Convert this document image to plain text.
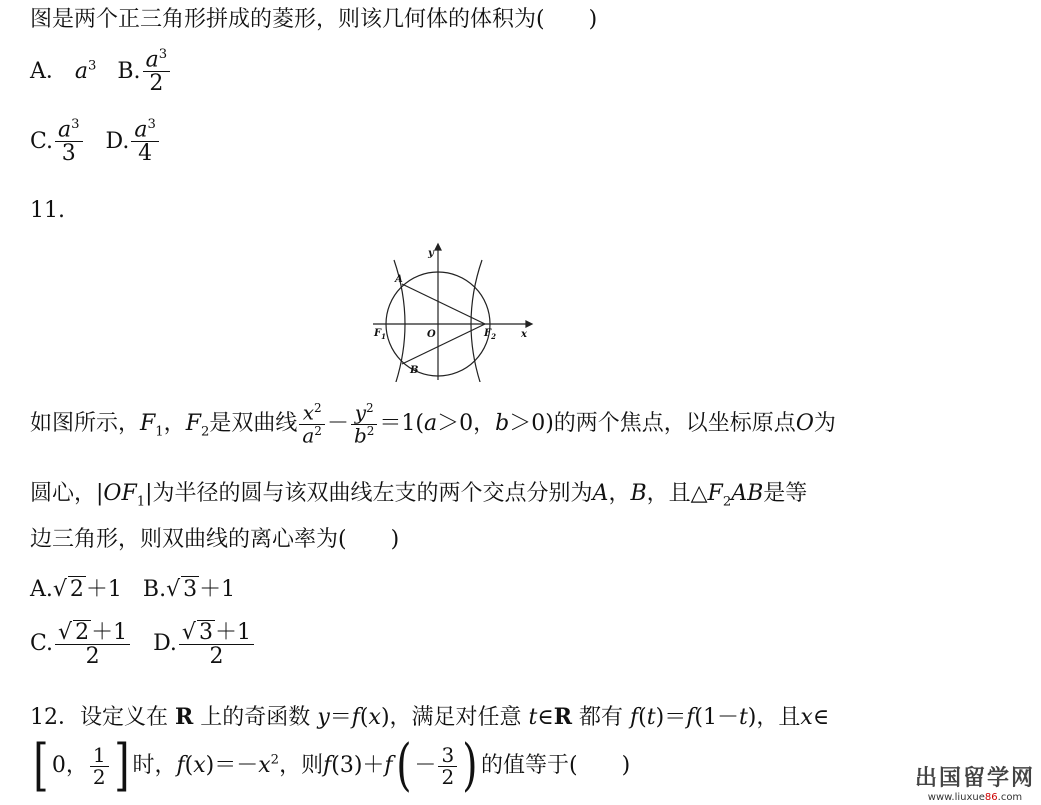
图是两个正三角形拼成的菱形，则该几何体的体积为(　　)
A． $a^3$ B. $\frac{a^3}{2}$
C. $\frac{a^3}{3} D$. $\frac{a^3}{4}$
11.
y
x
A
B
O
$F_1$	$F_2$
如图所示，$F_1$，$F_2$是双曲线 $\frac{x^2}{a^2} - \frac{y^2}{b^2} =1(a>0$，b＞0)的两个焦点，以坐标原点O为
圆心，$|OF_1|$为半径的圆与该双曲线左支的两个交点分别为A，B，且$\triangle F_2AB$是等
边三角形，则双曲线的离心率为(　　)
A.√ 2＋1 B.√ 3＋1
C. $\frac{√ 2+1}{2} D$. $\frac{√ 3+1}{2}$
12．设定义在 R 上的奇函数 y＝f(x)，满足对任意 t∈R 都有 f(t)＝f(1－t)，且x∈
[ 0， $\frac{1}{2}$ ] 时，$f(x)=-x^2$，则$f(3)+f( - \frac{3}{2}$ ) 的值等于(　　)
出国留学网
www.liuxue86.com
